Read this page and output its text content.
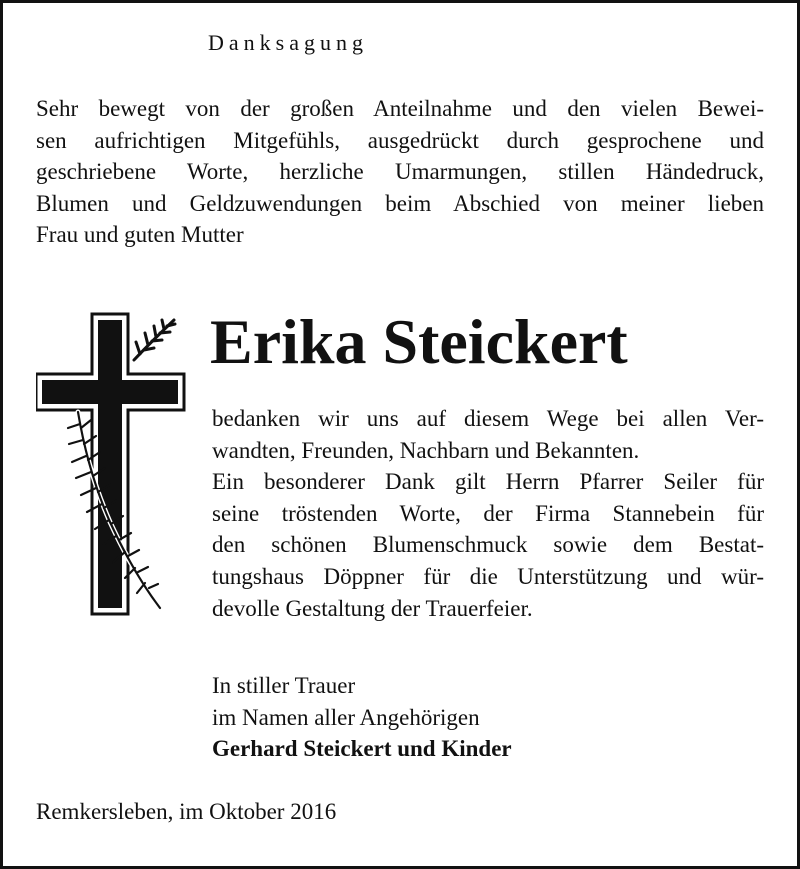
Danksagung
Sehr bewegt von der großen Anteilnahme und den vielen Bewei-
sen aufrichtigen Mitgefühls, ausgedrückt durch gesprochene und
geschriebene Worte, herzliche Umarmungen, stillen Händedruck,
Blumen und Geldzuwendungen beim Abschied von meiner lieben
Frau und guten Mutter
Erika Steickert
bedanken wir uns auf diesem Wege bei allen Ver-
wandten, Freunden, Nachbarn und Bekannten.
Ein besonderer Dank gilt Herrn Pfarrer Seiler für
seine tröstenden Worte, der Firma Stannebein für
den schönen Blumenschmuck sowie dem Bestat-
tungshaus Döppner für die Unterstützung und wür-
devolle Gestaltung der Trauerfeier.
In stiller Trauer
im Namen aller Angehörigen
Gerhard Steickert und Kinder
Remkersleben, im Oktober 2016
